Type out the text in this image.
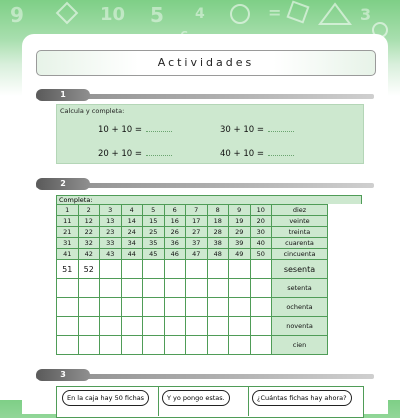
9	10 5 4	=	3
Actividades
1
Calcula y completa:
10 + 10 =	30 + 10 =
20 + 10 =	40 + 10 =
2
Completa:
1	2	3	4	5	6	7	8	9	10	diez
11	12	13	14	15	16	17	18	19	20	veinte
21	22	23	24	25	26	27	28	29	30	treinta
31	32	33	34	35	36	37	38	39	40	cuarenta
41	42	43	44	45	46	47	48	49	50	cincuenta
51	52									sesenta
										setenta
										ochenta
										noventa
										cien
3
En la caja hay 50 fichas	Y yo pongo estas.	¿Cuántas fichas hay ahora?
